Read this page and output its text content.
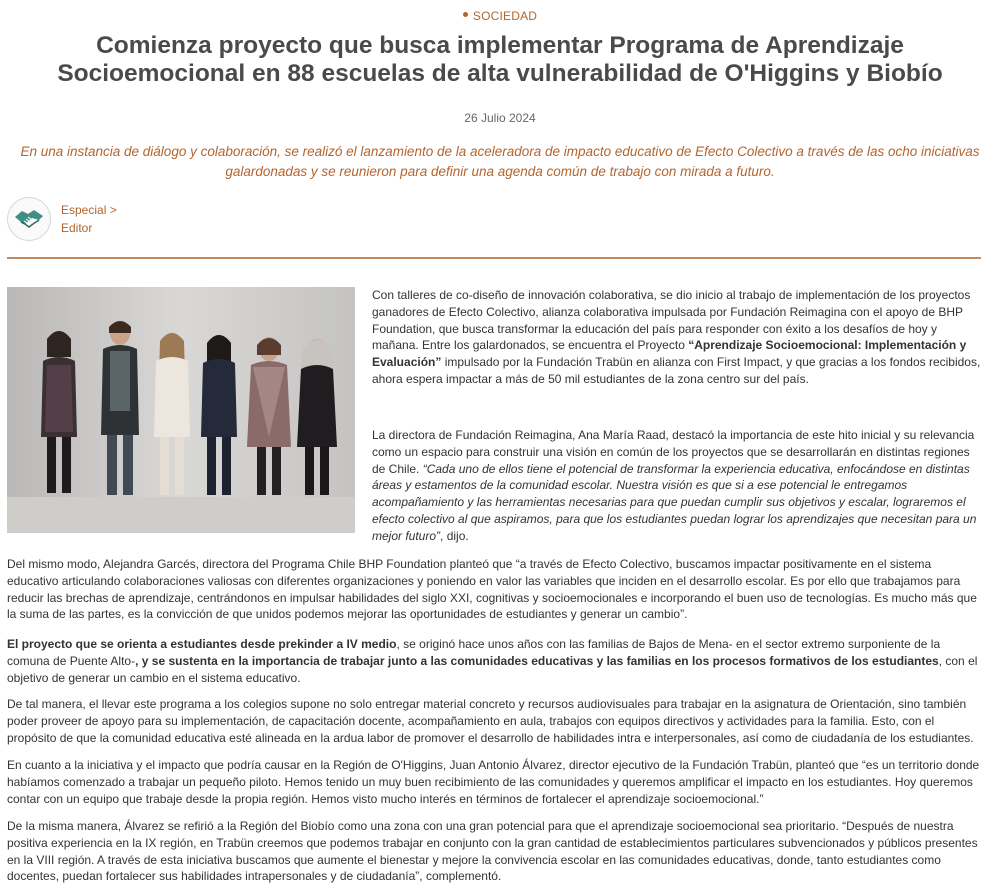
SOCIEDAD
Comienza proyecto que busca implementar Programa de Aprendizaje Socioemocional en 88 escuelas de alta vulnerabilidad de O'Higgins y Biobío
26 Julio 2024

En una instancia de diálogo y colaboración, se realizó el lanzamiento de la aceleradora de impacto educativo de Efecto Colectivo a través de las ocho iniciativas galardonadas y se reunieron para definir una agenda común de trabajo con mirada a futuro.

Especial >
Editor

Con talleres de co-diseño de innovación colaborativa, se dio inicio al trabajo de implementación de los proyectos ganadores de Efecto Colectivo, alianza colaborativa impulsada por Fundación Reimagina con el apoyo de BHP Foundation, que busca transformar la educación del país para responder con éxito a los desafíos de hoy y mañana. Entre los galardonados, se encuentra el Proyecto “Aprendizaje Socioemocional: Implementación y Evaluación” impulsado por la Fundación Trabün en alianza con First Impact, y que gracias a los fondos recibidos, ahora espera impactar a más de 50 mil estudiantes de la zona centro sur del país.

La directora de Fundación Reimagina, Ana María Raad, destacó la importancia de este hito inicial y su relevancia como un espacio para construir una visión en común de los proyectos que se desarrollarán en distintas regiones de Chile. “Cada uno de ellos tiene el potencial de transformar la experiencia educativa, enfocándose en distintas áreas y estamentos de la comunidad escolar. Nuestra visión es que si a ese potencial le entregamos acompañamiento y las herramientas necesarias para que puedan cumplir sus objetivos y escalar, lograremos el efecto colectivo al que aspiramos, para que los estudiantes puedan lograr los aprendizajes que necesitan para un mejor futuro”, dijo.

Del mismo modo, Alejandra Garcés, directora del Programa Chile BHP Foundation planteó que “a través de Efecto Colectivo, buscamos impactar positivamente en el sistema educativo articulando colaboraciones valiosas con diferentes organizaciones y poniendo en valor las variables que inciden en el desarrollo escolar. Es por ello que trabajamos para reducir las brechas de aprendizaje, centrándonos en impulsar habilidades del siglo XXI, cognitivas y socioemocionales e incorporando el buen uso de tecnologías. Es mucho más que la suma de las partes, es la convicción de que unidos podemos mejorar las oportunidades de estudiantes y generar un cambio”.

El proyecto que se orienta a estudiantes desde prekinder a IV medio, se originó hace unos años con las familias de Bajos de Mena- en el sector extremo surponiente de la comuna de Puente Alto-, y se sustenta en la importancia de trabajar junto a las comunidades educativas y las familias en los procesos formativos de los estudiantes, con el objetivo de generar un cambio en el sistema educativo.

De tal manera, el llevar este programa a los colegios supone no solo entregar material concreto y recursos audiovisuales para trabajar en la asignatura de Orientación, sino también poder proveer de apoyo para su implementación, de capacitación docente, acompañamiento en aula, trabajos con equipos directivos y actividades para la familia. Esto, con el propósito de que la comunidad educativa esté alineada en la ardua labor de promover el desarrollo de habilidades intra e interpersonales, así como de ciudadanía de los estudiantes.

En cuanto a la iniciativa y el impacto que podría causar en la Región de O'Higgins, Juan Antonio Álvarez, director ejecutivo de la Fundación Trabün, planteó que “es un territorio donde habíamos comenzado a trabajar un pequeño piloto. Hemos tenido un muy buen recibimiento de las comunidades y queremos amplificar el impacto en los estudiantes. Hoy queremos contar con un equipo que trabaje desde la propia región. Hemos visto mucho interés en términos de fortalecer el aprendizaje socioemocional.”

De la misma manera, Álvarez se refirió a la Región del Biobío como una zona con una gran potencial para que el aprendizaje socioemocional sea prioritario. “Después de nuestra positiva experiencia en la IX región, en Trabün creemos que podemos trabajar en conjunto con la gran cantidad de establecimientos particulares subvencionados y públicos presentes en la VIII región. A través de esta iniciativa buscamos que aumente el bienestar y mejore la convivencia escolar en las comunidades educativas, donde, tanto estudiantes como docentes, puedan fortalecer sus habilidades intrapersonales y de ciudadanía”, complementó.
